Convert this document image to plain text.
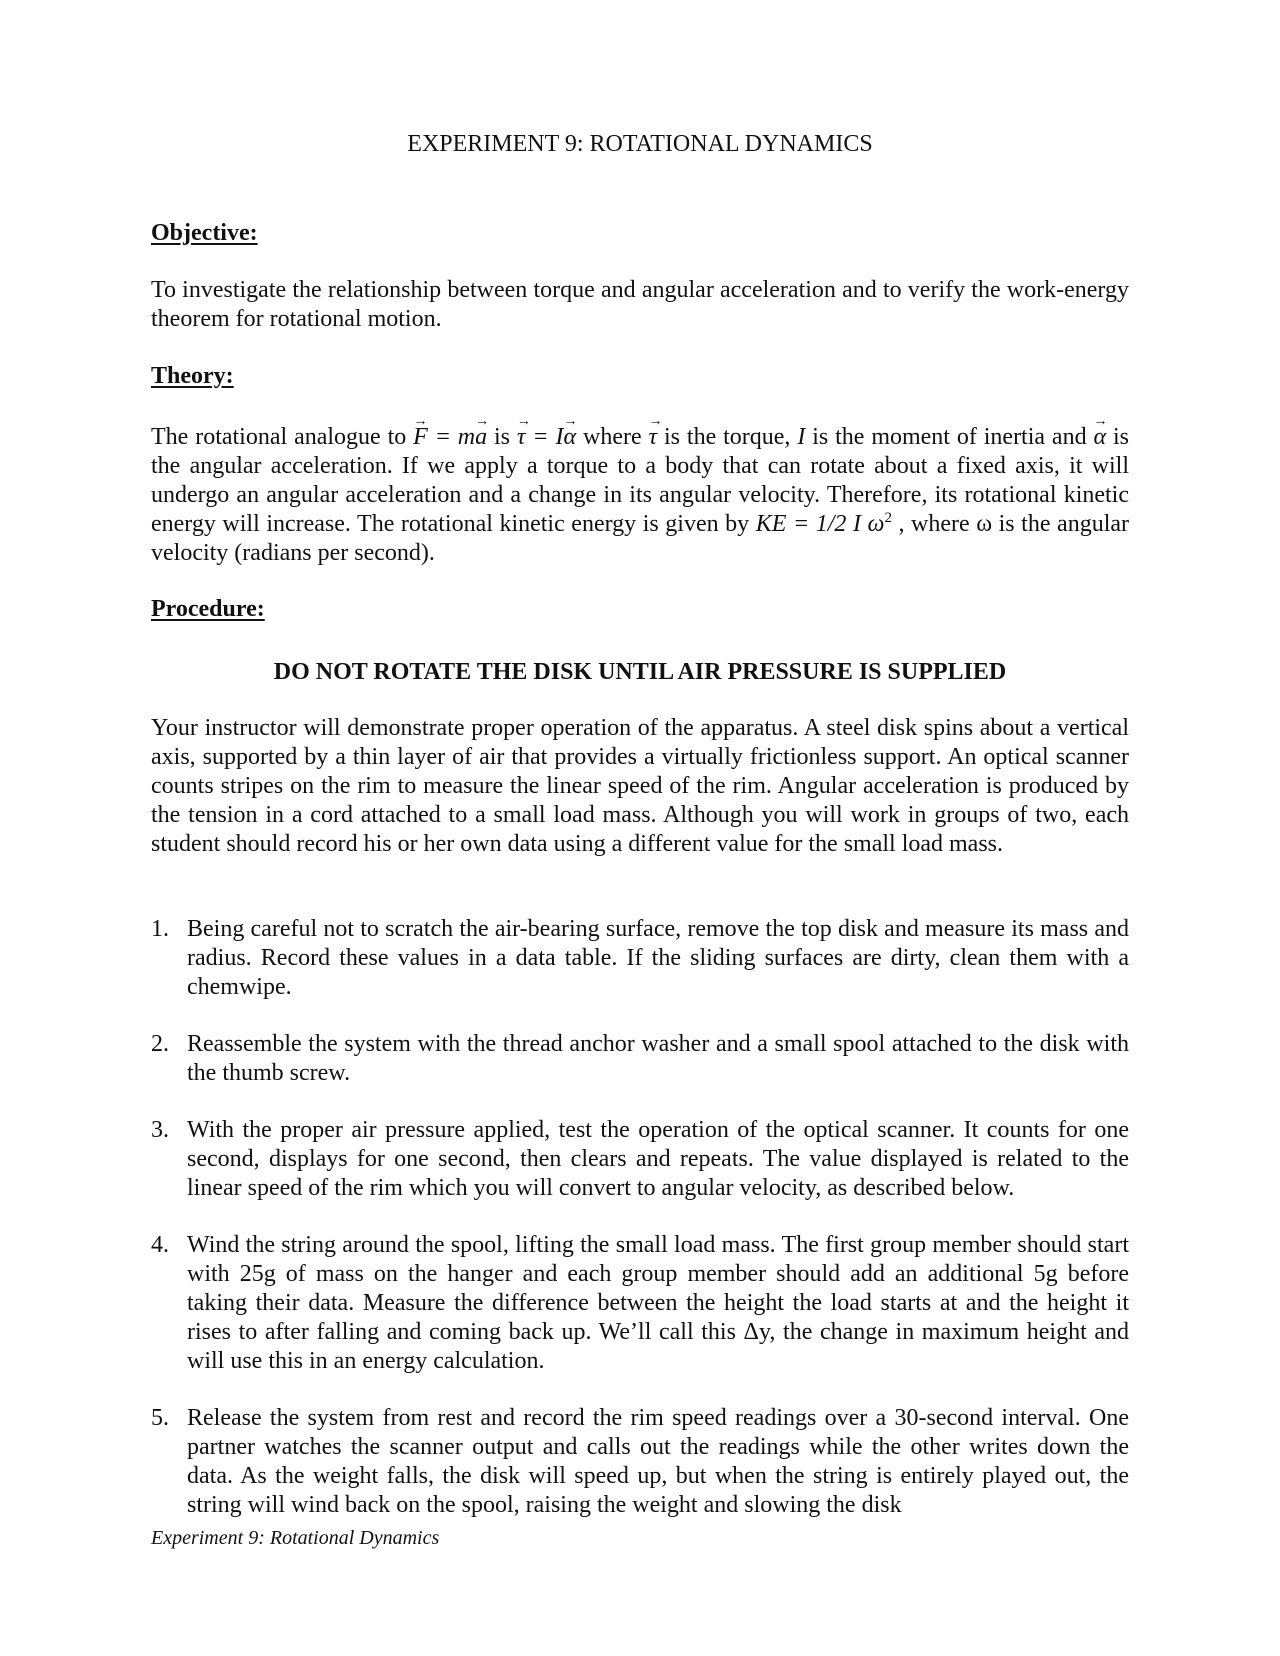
EXPERIMENT 9: ROTATIONAL DYNAMICS
Objective:
To investigate the relationship between torque and angular acceleration and to verify the work-energy theorem for rotational motion.
Theory:
The rotational analogue to F → = ma → is τ → = Iα → where τ → is the torque, I is the moment of inertia and α → is the angular acceleration. If we apply a torque to a body that can rotate about a fixed axis, it will undergo an angular acceleration and a change in its angular velocity. Therefore, its rotational kinetic energy will increase. The rotational kinetic energy is given by KE = 1/2 I $\omega^2$ , where ω is the angular velocity (radians per second).
Procedure:
DO NOT ROTATE THE DISK UNTIL AIR PRESSURE IS SUPPLIED
Your instructor will demonstrate proper operation of the apparatus. A steel disk spins about a vertical axis, supported by a thin layer of air that provides a virtually frictionless support. An optical scanner counts stripes on the rim to measure the linear speed of the rim. Angular acceleration is produced by the tension in a cord attached to a small load mass. Although you will work in groups of two, each student should record his or her own data using a different value for the small load mass.
1. Being careful not to scratch the air-bearing surface, remove the top disk and measure its mass and radius. Record these values in a data table. If the sliding surfaces are dirty, clean them with a chemwipe.
2. Reassemble the system with the thread anchor washer and a small spool attached to the disk with the thumb screw.
3. With the proper air pressure applied, test the operation of the optical scanner. It counts for one second, displays for one second, then clears and repeats. The value displayed is related to the linear speed of the rim which you will convert to angular velocity, as described below.
4. Wind the string around the spool, lifting the small load mass. The first group member should start with 25g of mass on the hanger and each group member should add an additional 5g before taking their data. Measure the difference between the height the load starts at and the height it rises to after falling and coming back up. We’ll call this Δy, the change in maximum height and will use this in an energy calculation.
5. Release the system from rest and record the rim speed readings over a 30-second interval. One partner watches the scanner output and calls out the readings while the other writes down the data. As the weight falls, the disk will speed up, but when the string is entirely played out, the string will wind back on the spool, raising the weight and slowing the disk
Experiment 9: Rotational Dynamics
